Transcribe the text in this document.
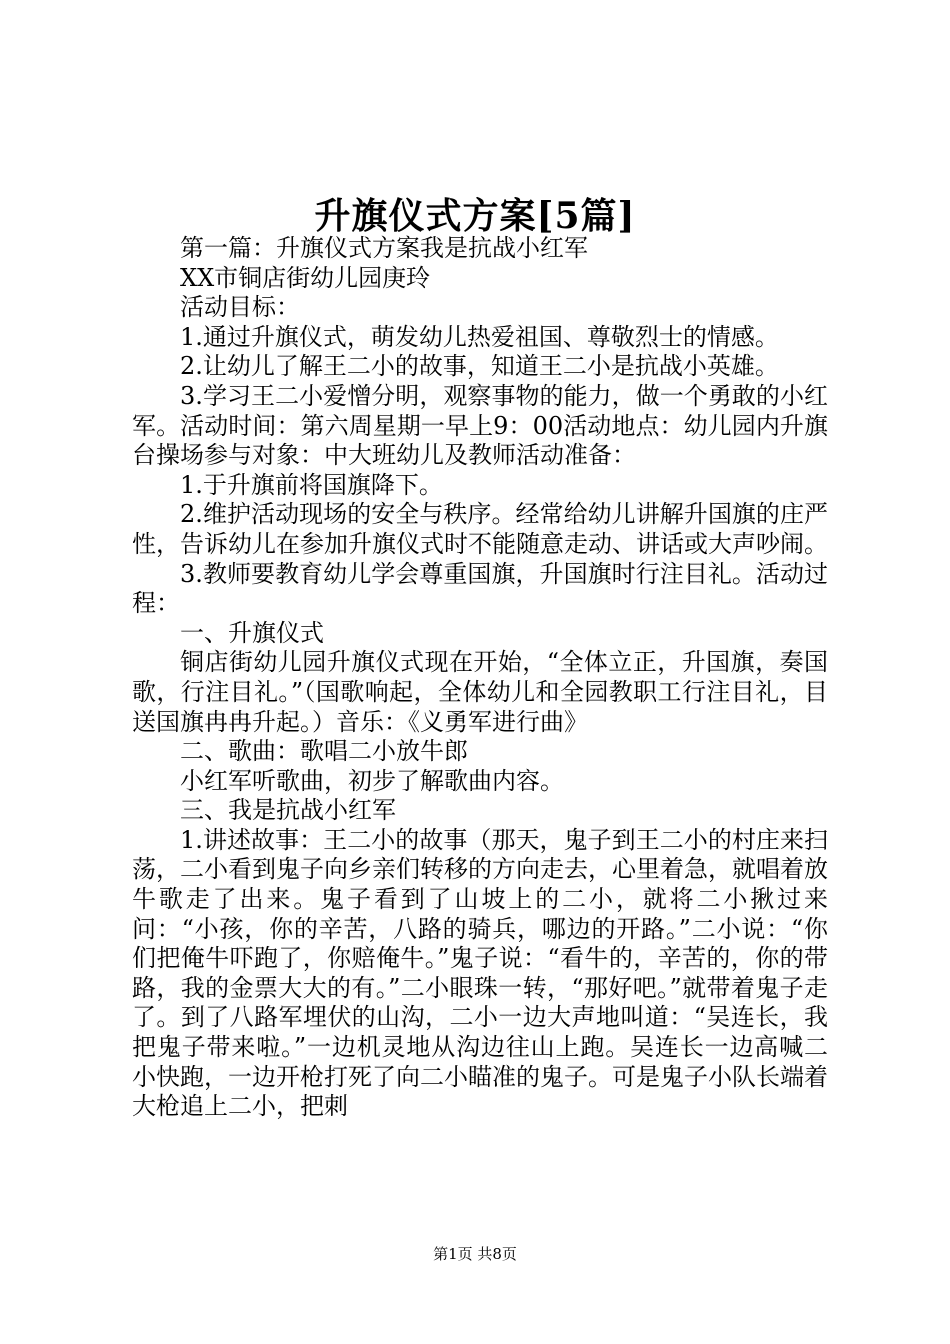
升旗仪式方案[5篇]

第一篇：升旗仪式方案我是抗战小红军

XX市铜店街幼儿园庚玲

活动目标：

1.通过升旗仪式，萌发幼儿热爱祖国、尊敬烈士的情感。

2.让幼儿了解王二小的故事，知道王二小是抗战小英雄。

3.学习王二小爱憎分明，观察事物的能力，做一个勇敢的小红军。活动时间：第六周星期一早上9：00活动地点：幼儿园内升旗台操场参与对象：中大班幼儿及教师活动准备：

1.于升旗前将国旗降下。

2.维护活动现场的安全与秩序。经常给幼儿讲解升国旗的庄严性，告诉幼儿在参加升旗仪式时不能随意走动、讲话或大声吵闹。

3.教师要教育幼儿学会尊重国旗，升国旗时行注目礼。活动过程：

一、升旗仪式

铜店街幼儿园升旗仪式现在开始，“全体立正，升国旗，奏国歌，行注目礼。”（国歌响起，全体幼儿和全园教职工行注目礼，目送国旗冉冉升起。）音乐：《义勇军进行曲》

二、歌曲：歌唱二小放牛郎

小红军听歌曲，初步了解歌曲内容。

三、我是抗战小红军

1.讲述故事：王二小的故事（那天，鬼子到王二小的村庄来扫荡，二小看到鬼子向乡亲们转移的方向走去，心里着急，就唱着放牛歌走了出来。鬼子看到了山坡上的二小，就将二小揪过来问：“小孩，你的辛苦，八路的骑兵，哪边的开路。”二小说：“你们把俺牛吓跑了，你赔俺牛。”鬼子说：“看牛的，辛苦的，你的带路，我的金票大大的有。”二小眼珠一转，“那好吧。”就带着鬼子走了。到了八路军埋伏的山沟，二小一边大声地叫道：“吴连长，我把鬼子带来啦。”一边机灵地从沟边往山上跑。吴连长一边高喊二小快跑，一边开枪打死了向二小瞄准的鬼子。可是鬼子小队长端着大枪追上二小，把刺

第1页 共8页
